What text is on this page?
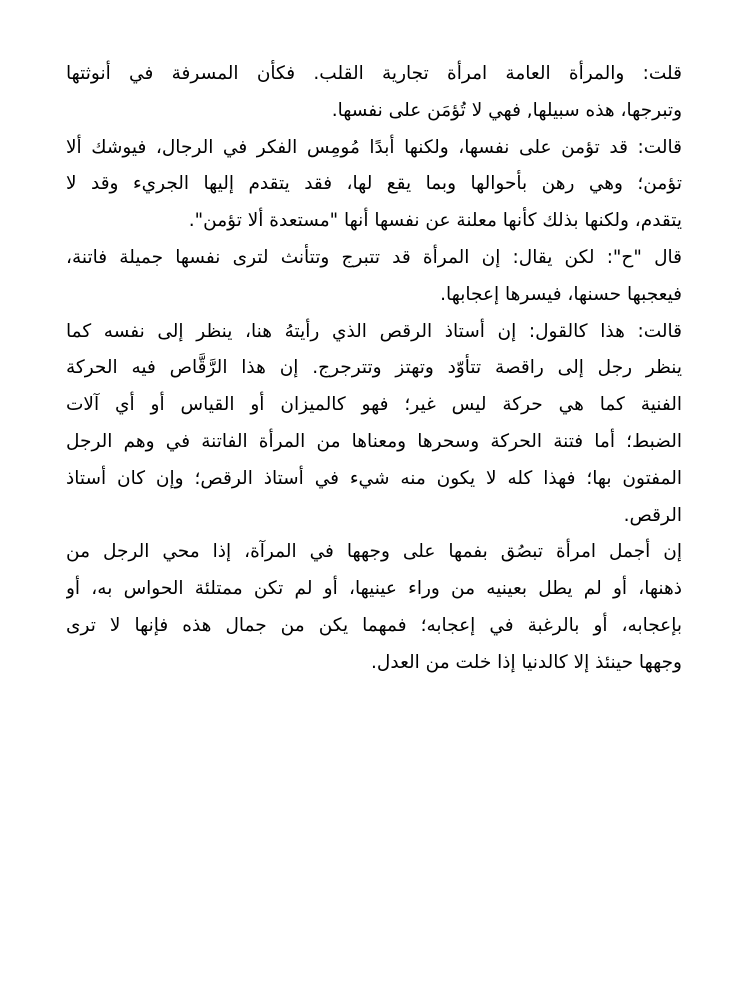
قلت: والمرأة العامة امرأة تجارية القلب. فكأن المسرفة في أنوثتها
وتبرجها، هذه سبيلها, فهي لا تُؤمَن على نفسها.
قالت: قد تؤمن على نفسها، ولكنها أبدًا مُومِس الفكر في الرجال، فيوشك ألا
تؤمن؛ وهي رهن بأحوالها وبما يقع لها، فقد يتقدم إليها الجريء وقد لا
يتقدم، ولكنها بذلك كأنها معلنة عن نفسها أنها "مستعدة ألا تؤمن".
قال "ح": لكن يقال: إن المرأة قد تتبرج وتتأنث لترى نفسها جميلة فاتنة،
فيعجبها حسنها، فيسرها إعجابها.
قالت: هذا كالقول: إن أستاذ الرقص الذي رأيتهُ هنا، ينظر إلى نفسه كما
ينظر رجل إلى راقصة تتأوّد وتهتز وتترجرج. إن هذا الرَّقَّاص فيه الحركة
الفنية كما هي حركة ليس غير؛ فهو كالميزان أو القياس أو أي آلات
الضبط؛ أما فتنة الحركة وسحرها ومعناها من المرأة الفاتنة في وهم الرجل
المفتون بها؛ فهذا كله لا يكون منه شيء في أستاذ الرقص؛ وإن كان أستاذ
الرقص.
إن أجمل امرأة تبصُق بفمها على وجهها في المرآة، إذا محي الرجل من
ذهنها، أو لم يطل بعينيه من وراء عينيها، أو لم تكن ممتلئة الحواس به، أو
بإعجابه، أو بالرغبة في إعجابه؛ فمهما يكن من جمال هذه فإنها لا ترى
وجهها حينئذ إلا كالدنيا إذا خلت من العدل.
